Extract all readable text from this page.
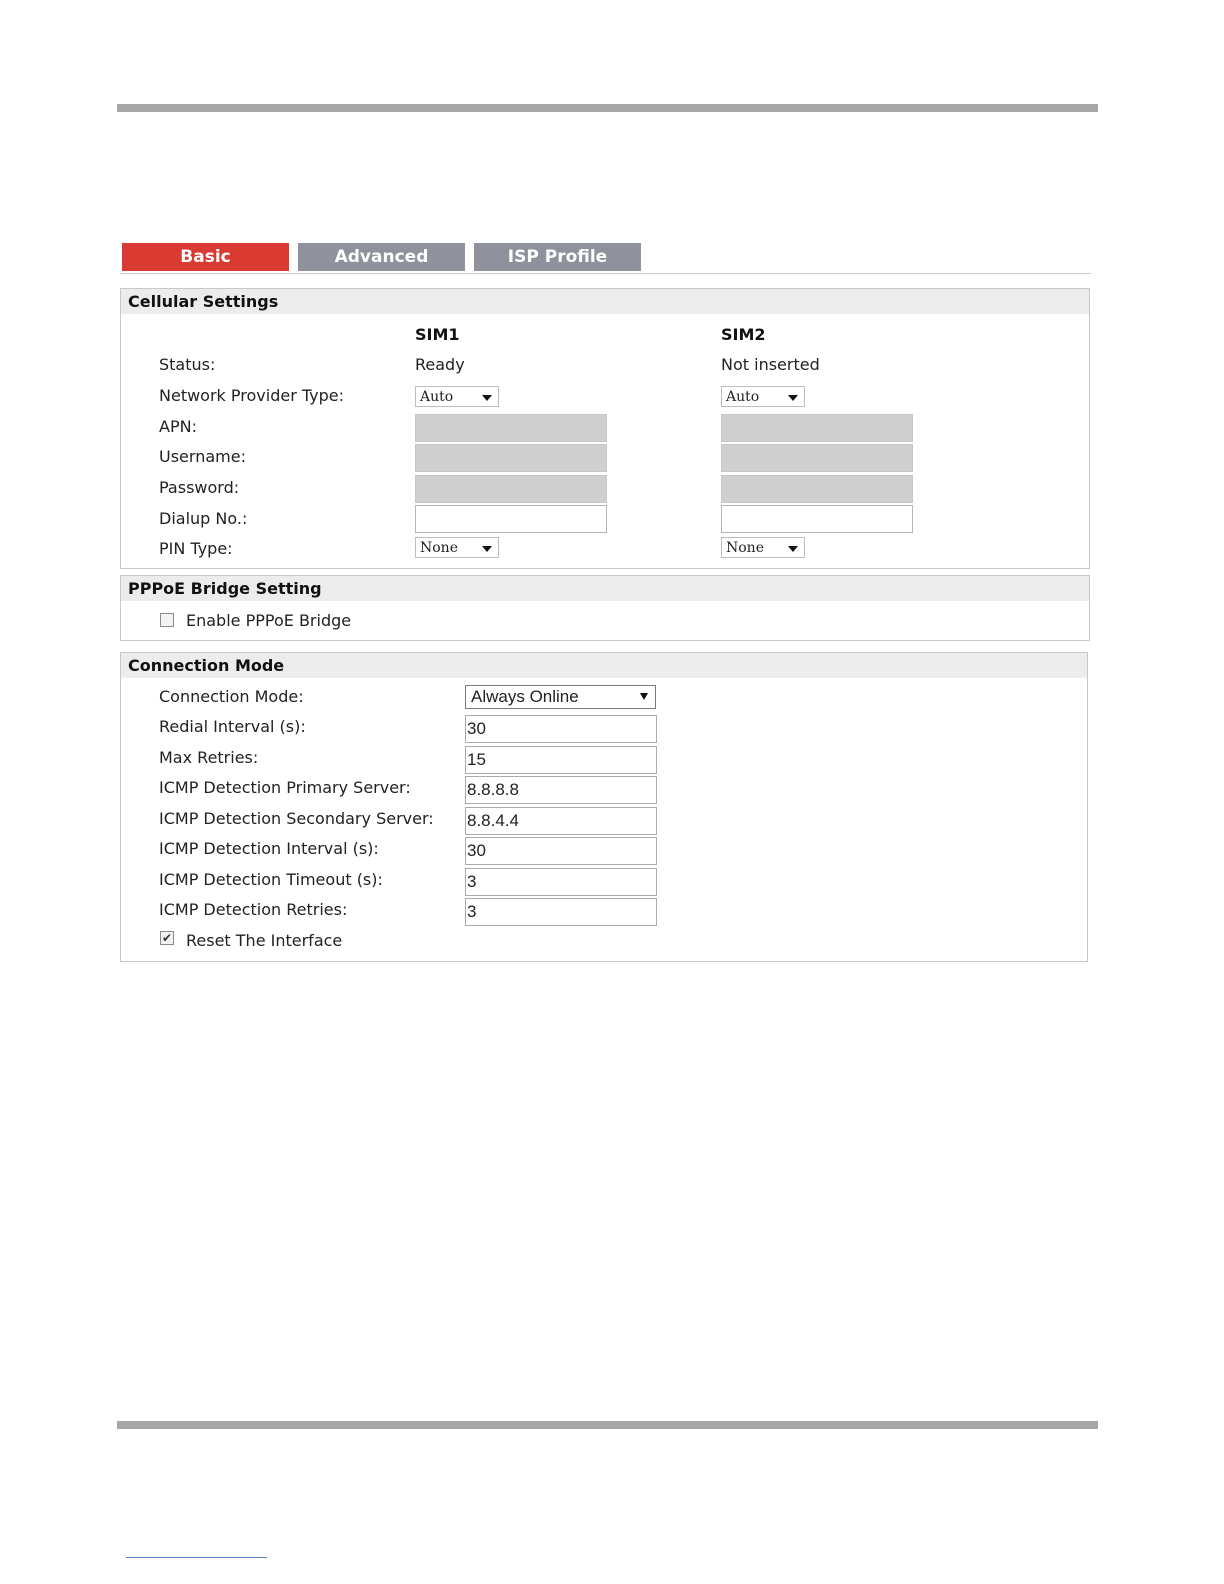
Basic	Advanced	ISP Profile
Cellular Settings
SIM1	SIM2
Status:	Ready	Not inserted
Network Provider Type:	Auto	Auto
APN:
Username:
Password:
Dialup No.:
PIN Type:	None	None
PPPoE Bridge Setting
Enable PPPoE Bridge
Connection Mode
Connection Mode:	Always Online
Redial Interval (s):	30
Max Retries:	15
ICMP Detection Primary Server:	8.8.8.8
ICMP Detection Secondary Server: 8.8.4.4
ICMP Detection Interval (s):	30
ICMP Detection Timeout (s):	3
ICMP Detection Retries:	3
✔ Reset The Interface
